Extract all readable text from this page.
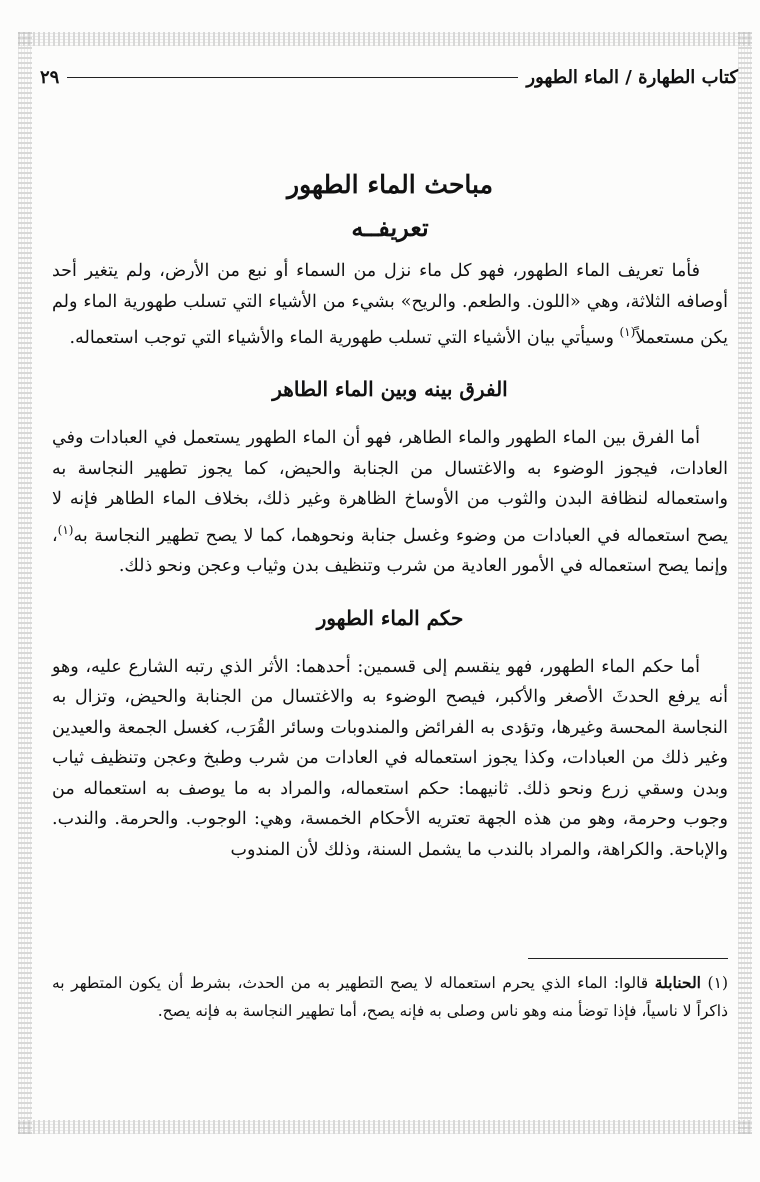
كتاب الطهارة / الماء الطهور
٢٩
مباحث الماء الطهور
تعريفــه

فأما تعريف الماء الطهور، فهو كل ماء نزل من السماء أو نبع من الأرض، ولم يتغير أحد أوصافه الثلاثة، وهي «اللون. والطعم. والريح» بشيء من الأشياء التي تسلب طهورية الماء ولم يكن مستعملاً$^{(١)}$ وسيأتي بيان الأشياء التي تسلب طهورية الماء والأشياء التي توجب استعماله.

الفرق بينه وبين الماء الطاهر

أما الفرق بين الماء الطهور والماء الطاهر، فهو أن الماء الطهور يستعمل في العبادات وفي العادات، فيجوز الوضوء به والاغتسال من الجنابة والحيض، كما يجوز تطهير النجاسة به واستعماله لنظافة البدن والثوب من الأوساخ الظاهرة وغير ذلك، بخلاف الماء الطاهر فإنه لا يصح استعماله في العبادات من وضوء وغسل جنابة ونحوهما، كما لا يصح تطهير النجاسة به$^{(١)}$، وإنما يصح استعماله في الأمور العادية من شرب وتنظيف بدن وثياب وعجن ونحو ذلك.

حكم الماء الطهور

أما حكم الماء الطهور، فهو ينقسم إلى قسمين: أحدهما: الأثر الذي رتبه الشارع عليه، وهو أنه يرفع الحدثَ الأصغر والأكبر، فيصح الوضوء به والاغتسال من الجنابة والحيض، وتزال به النجاسة المحسة وغيرها، وتؤدى به الفرائض والمندوبات وسائر القُرَب، كغسل الجمعة والعيدين وغير ذلك من العبادات، وكذا يجوز استعماله في العادات من شرب وطبخ وعجن وتنظيف ثياب وبدن وسقي زرع ونحو ذلك. ثانيهما: حكم استعماله، والمراد به ما يوصف به استعماله من وجوب وحرمة، وهو من هذه الجهة تعتريه الأحكام الخمسة، وهي: الوجوب. والحرمة. والندب. والإباحة. والكراهة، والمراد بالندب ما يشمل السنة، وذلك لأن المندوب

(١) الحنابلة قالوا: الماء الذي يحرم استعماله لا يصح التطهير به من الحدث، بشرط أن يكون المتطهر به ذاكراً لا ناسياً، فإذا توضأ منه وهو ناس وصلى به فإنه يصح، أما تطهير النجاسة به فإنه يصح.
